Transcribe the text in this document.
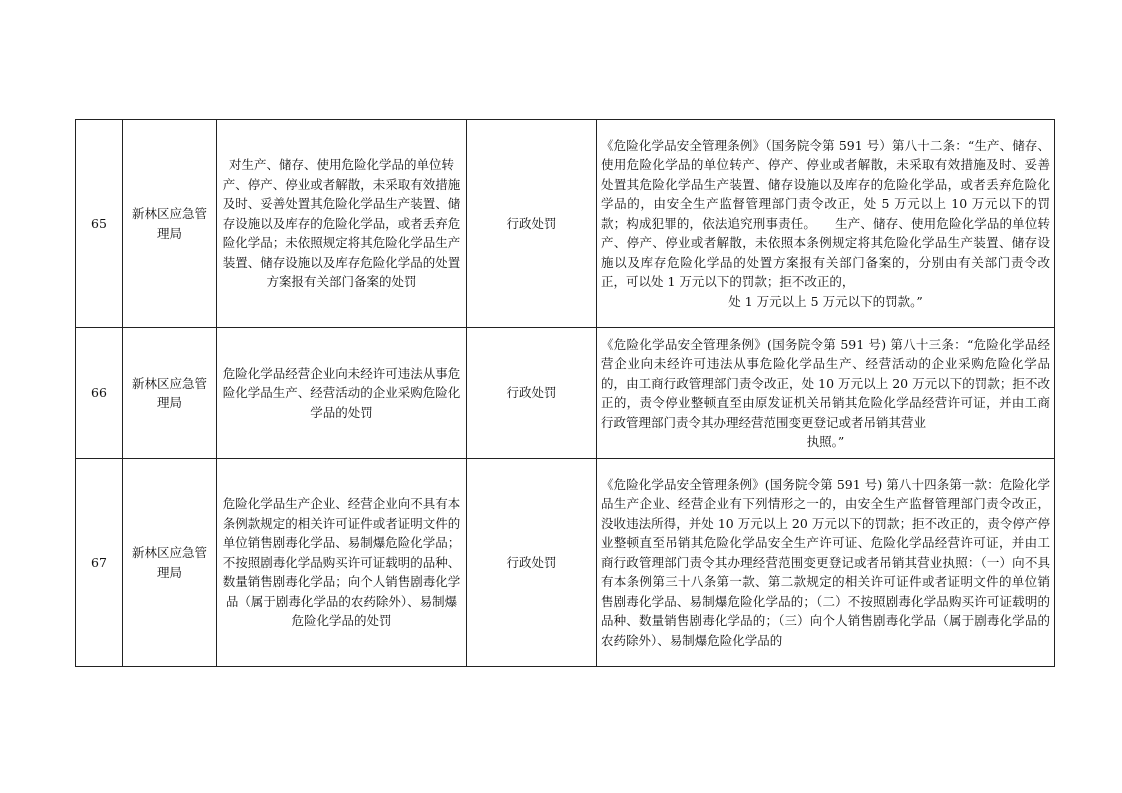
65	新林区应急管理局	对生产、储存、使用危险化学品的单位转产、停产、停业或者解散，未采取有效措施及时、妥善处置其危险化学品生产装置、储存设施以及库存的危险化学品，或者丢弃危险化学品；未依照规定将其危险化学品生产装置、储存设施以及库存危险化学品的处置方案报有关部门备案的处罚	行政处罚	《危险化学品安全管理条例》（国务院令第 591 号）第八十二条：“生产、储存、使用危险化学品的单位转产、停产、停业或者解散，未采取有效措施及时、妥善处置其危险化学品生产装置、储存设施以及库存的危险化学品，或者丢弃危险化学品的，由安全生产监督管理部门责令改正，处 5 万元以上 10 万元以下的罚款；构成犯罪的，依法追究刑事责任。　　生产、储存、使用危险化学品的单位转产、停产、停业或者解散，未依照本条例规定将其危险化学品生产装置、储存设施以及库存危险化学品的处置方案报有关部门备案的，分别由有关部门责令改正，可以处 1 万元以下的罚款；拒不改正的，
处 1 万元以上 5 万元以下的罚款。”

66	新林区应急管理局	危险化学品经营企业向未经许可违法从事危险化学品生产、经营活动的企业采购危险化学品的处罚	行政处罚	《危险化学品安全管理条例》(国务院令第 591 号) 第八十三条：“危险化学品经营企业向未经许可违法从事危险化学品生产、经营活动的企业采购危险化学品的，由工商行政管理部门责令改正，处 10 万元以上 20 万元以下的罚款；拒不改正的，责令停业整顿直至由原发证机关吊销其危险化学品经营许可证，并由工商行政管理部门责令其办理经营范围变更登记或者吊销其营业
执照。”

67	新林区应急管理局	危险化学品生产企业、经营企业向不具有本条例款规定的相关许可证件或者证明文件的单位销售剧毒化学品、易制爆危险化学品；不按照剧毒化学品购买许可证载明的品种、数量销售剧毒化学品；向个人销售剧毒化学品（属于剧毒化学品的农药除外）、易制爆危险化学品的处罚	行政处罚	《危险化学品安全管理条例》(国务院令第 591 号) 第八十四条第一款：危险化学品生产企业、经营企业有下列情形之一的，由安全生产监督管理部门责令改正，没收违法所得，并处 10 万元以上 20 万元以下的罚款；拒不改正的，责令停产停业整顿直至吊销其危险化学品安全生产许可证、危险化学品经营许可证，并由工商行政管理部门责令其办理经营范围变更登记或者吊销其营业执照：（一）向不具有本条例第三十八条第一款、第二款规定的相关许可证件或者证明文件的单位销售剧毒化学品、易制爆危险化学品的；（二）不按照剧毒化学品购买许可证载明的品种、数量销售剧毒化学品的；（三）向个人销售剧毒化学品（属于剧毒化学品的农药除外）、易制爆危险化学品的
